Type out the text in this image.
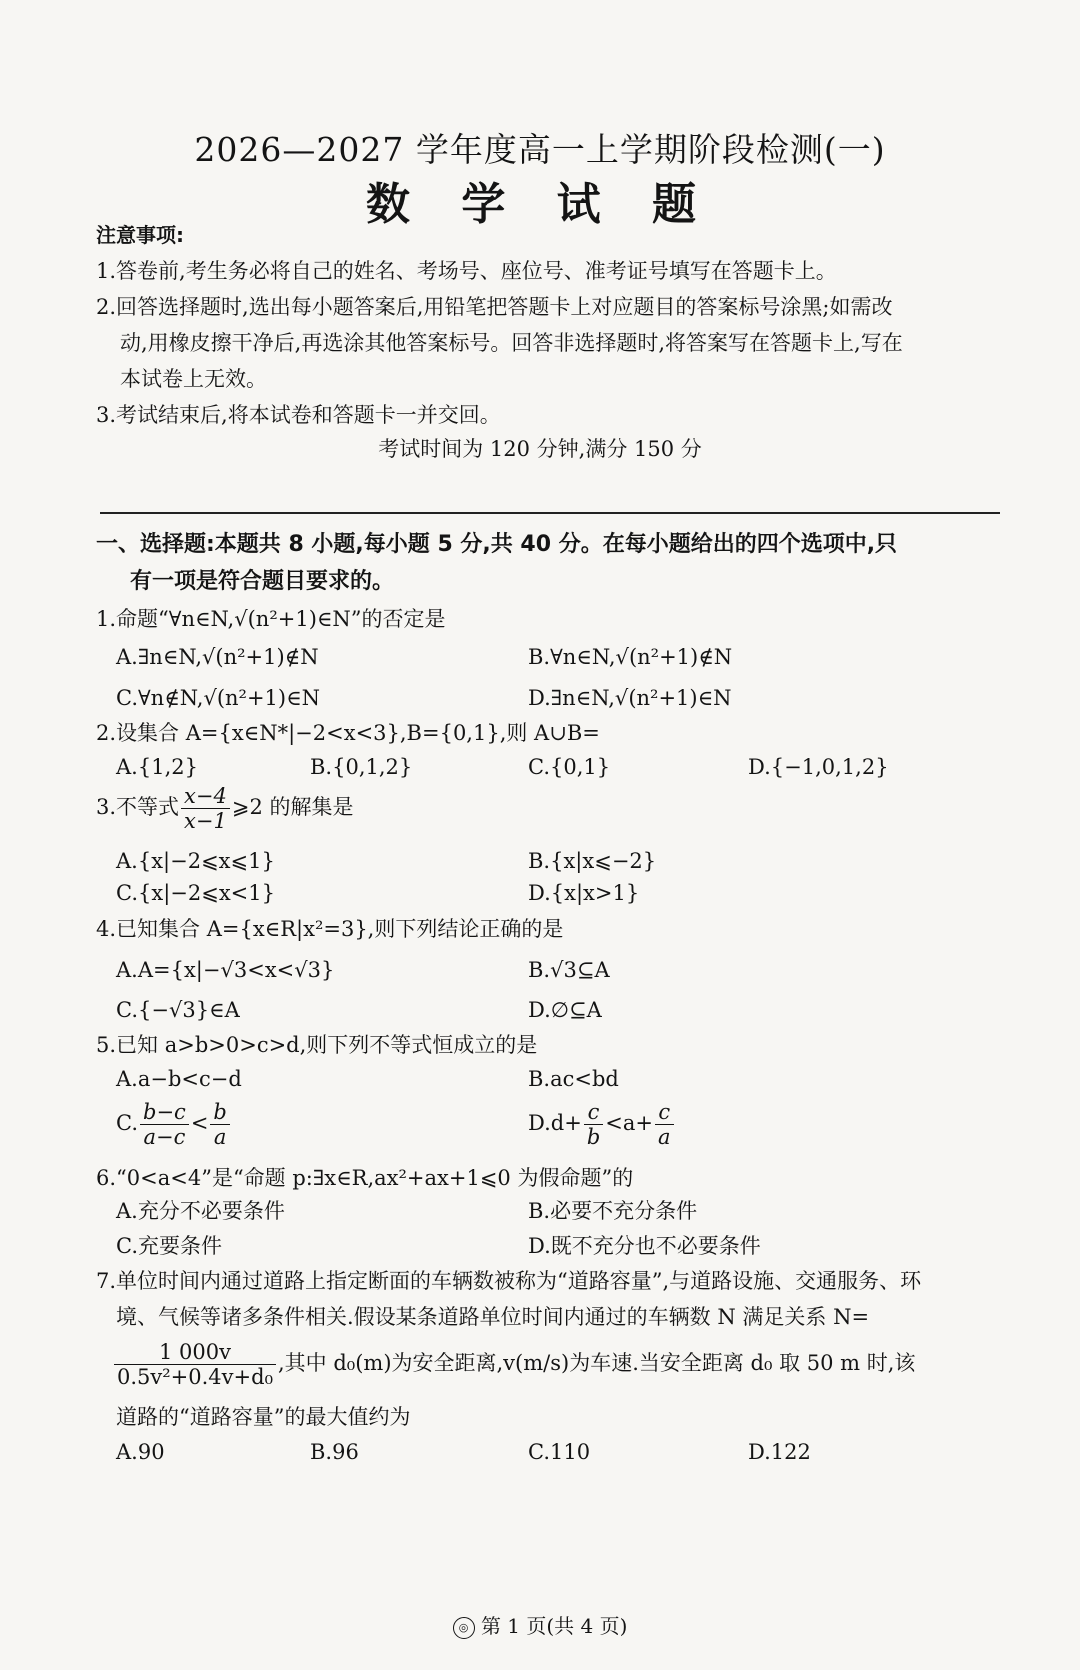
2026—2027 学年度高一上学期阶段检测(一)
数 学 试 题
注意事项:
1.答卷前,考生务必将自己的姓名、考场号、座位号、准考证号填写在答题卡上。
2.回答选择题时,选出每小题答案后,用铅笔把答题卡上对应题目的答案标号涂黑;如需改
动,用橡皮擦干净后,再选涂其他答案标号。回答非选择题时,将答案写在答题卡上,写在
本试卷上无效。
3.考试结束后,将本试卷和答题卡一并交回。
考试时间为 120 分钟,满分 150 分
一、选择题:本题共 8 小题,每小题 5 分,共 40 分。在每小题给出的四个选项中,只
有一项是符合题目要求的。
1.命题“∀n∈N,√(n²+1)∈N”的否定是
A.∃n∈N,√(n²+1)∉N	B.∀n∈N,√(n²+1)∉N
C.∀n∉N,√(n²+1)∈N	D.∃n∈N,√(n²+1)∈N
2.设集合 A={x∈N*|−2<x<3},B={0,1},则 A∪B=
A.{1,2}	B.{0,1,2}	C.{0,1}	D.{−1,0,1,2}
3.不等式 $\frac{x-4}{x-1}$ ⩾2 的解集是
A.{x|−2⩽x⩽1}	B.{x|x⩽−2}
C.{x|−2⩽x<1}	D.{x|x>1}
4.已知集合 A={x∈R|x²=3},则下列结论正确的是
A.A={x|−√3<x<√3}	B.√3⊆A
C.{−√3}∈A	D.∅⊆A
5.已知 a>b>0>c>d,则下列不等式恒成立的是
A.a−b<c−d	B.ac<bd
C. $\frac{b-c}{a-c} < \frac{b}{a}$	$D.d+ \frac{c}{b} <a+ \frac{c}{a}$
6.“0<a<4”是“命题 p:∃x∈R,ax²+ax+1⩽0 为假命题”的
A.充分不必要条件	B.必要不充分条件
C.充要条件	D.既不充分也不必要条件
7.单位时间内通过道路上指定断面的车辆数被称为“道路容量”,与道路设施、交通服务、环
境、气候等诸多条件相关.假设某条道路单位时间内通过的车辆数 N 满足关系 N=
$\frac{1 000v}{\text{0.5v²+0.4v+d₀}}$ ,其中 d₀(m)为安全距离,v(m/s)为车速.当安全距离 d₀ 取 50 m 时,该
道路的“道路容量”的最大值约为
A.90	B.96	C.110	D.122
◎ 第 1 页(共 4 页)
